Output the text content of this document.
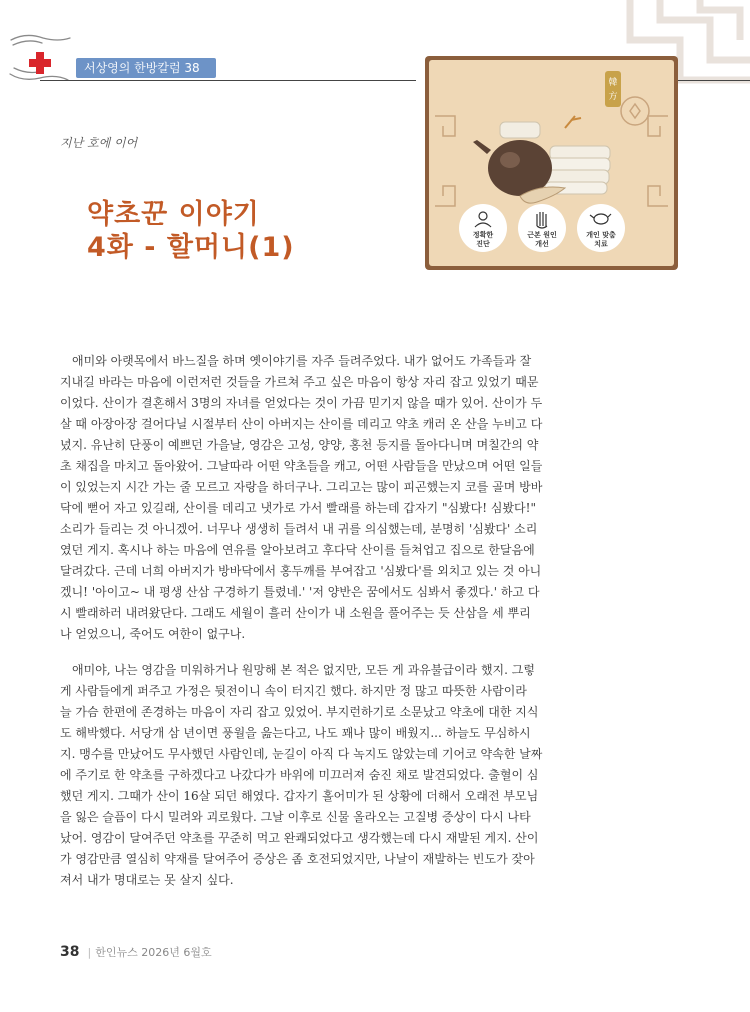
서상영의 한방칼럼 38
지난 호에 이어
약초꾼 이야기
4화 - 할머니(1)
韓
方
정확한
진단
근본 원인
개선
개인 맞춤
치료
애미와 아랫목에서 바느질을 하며 옛이야기를 자주 들려주었다. 내가 없어도 가족들과 잘
지내길 바라는 마음에 이런저런 것들을 가르쳐 주고 싶은 마음이 항상 자리 잡고 있었기 때문
이었다. 산이가 결혼해서 3명의 자녀를 얻었다는 것이 가끔 믿기지 않을 때가 있어. 산이가 두
살 때 아장아장 걸어다닐 시절부터 산이 아버지는 산이를 데리고 약초 캐러 온 산을 누비고 다
녔지. 유난히 단풍이 예쁘던 가을날, 영감은 고성, 양양, 홍천 등지를 돌아다니며 며칠간의 약
초 채집을 마치고 돌아왔어. 그날따라 어떤 약초들을 캐고, 어떤 사람들을 만났으며 어떤 일들
이 있었는지 시간 가는 줄 모르고 자랑을 하더구나. 그리고는 많이 피곤했는지 코를 골며 방바
닥에 뻗어 자고 있길래, 산이를 데리고 냇가로 가서 빨래를 하는데 갑자기 "심봤다! 심봤다!"
소리가 들리는 것 아니겠어. 너무나 생생히 들려서 내 귀를 의심했는데, 분명히 '심봤다' 소리
였던 게지. 혹시나 하는 마음에 연유를 알아보려고 후다닥 산이를 들쳐업고 집으로 한달음에
달려갔다. 근데 너희 아버지가 방바닥에서 홍두깨를 부여잡고 '심봤다'를 외치고 있는 것 아니
겠니! '아이고~ 내 평생 산삼 구경하기 틀렸네.' '저 양반은 꿈에서도 심봐서 좋겠다.' 하고 다
시 빨래하러 내려왔단다. 그래도 세월이 흘러 산이가 내 소원을 풀어주는 듯 산삼을 세 뿌리
나 얻었으니, 죽어도 여한이 없구나.
애미야, 나는 영감을 미워하거나 원망해 본 적은 없지만, 모든 게 과유불급이라 했지. 그렇
게 사람들에게 퍼주고 가정은 뒷전이니 속이 터지긴 했다. 하지만 정 많고 따뜻한 사람이라
늘 가슴 한편에 존경하는 마음이 자리 잡고 있었어. 부지런하기로 소문났고 약초에 대한 지식
도 해박했다. 서당개 삼 년이면 풍월을 읊는다고, 나도 꽤나 많이 배웠지... 하늘도 무심하시
지. 맹수를 만났어도 무사했던 사람인데, 눈길이 아직 다 녹지도 않았는데 기어코 약속한 날짜
에 주기로 한 약초를 구하겠다고 나갔다가 바위에 미끄러져 숨진 채로 발견되었다. 출혈이 심
했던 게지. 그때가 산이 16살 되던 해였다. 갑자기 홀어미가 된 상황에 더해서 오래전 부모님
을 잃은 슬픔이 다시 밀려와 괴로웠다. 그날 이후로 신물 올라오는 고질병 증상이 다시 나타
났어. 영감이 달여주던 약초를 꾸준히 먹고 완쾌되었다고 생각했는데 다시 재발된 게지. 산이
가 영감만큼 열심히 약재를 달여주어 증상은 좀 호전되었지만, 나날이 재발하는 빈도가 잦아
져서 내가 명대로는 못 살지 싶다.
38 | 한인뉴스 2026년 6월호
